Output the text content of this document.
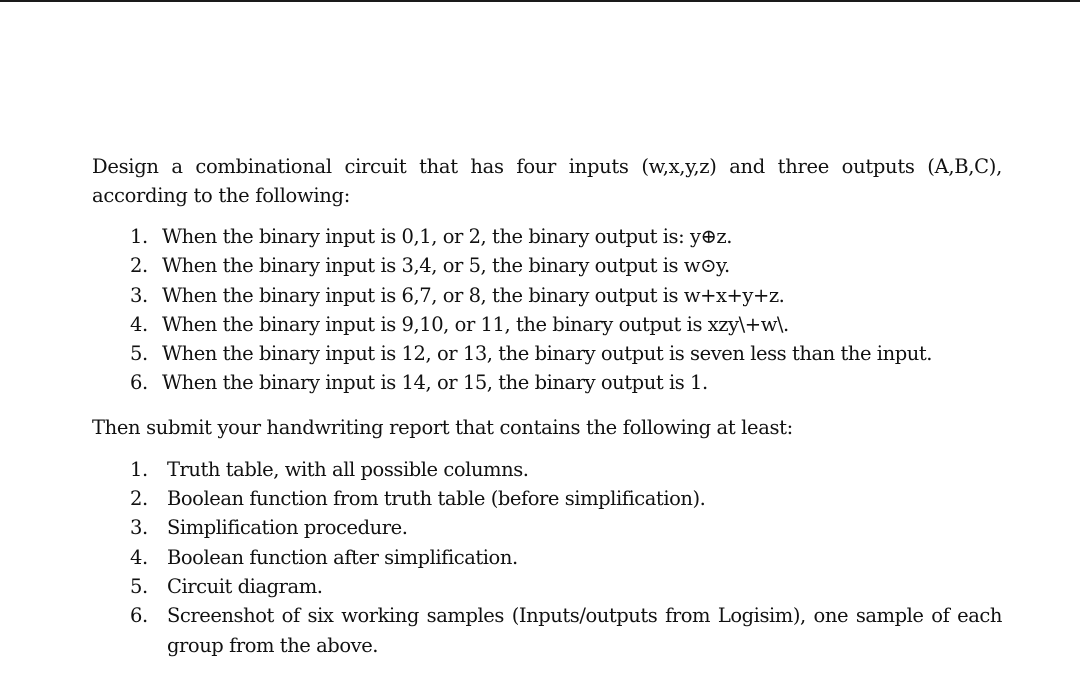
Design a combinational circuit that has four inputs (w,x,y,z) and three outputs (A,B,C), according to the following:

1. When the binary input is 0,1, or 2, the binary output is: y⊕z.
2. When the binary input is 3,4, or 5, the binary output is w⊙y.
3. When the binary input is 6,7, or 8, the binary output is w+x+y+z.
4. When the binary input is 9,10, or 11, the binary output is xzy\+w\.
5. When the binary input is 12, or 13, the binary output is seven less than the input.
6. When the binary input is 14, or 15, the binary output is 1.

Then submit your handwriting report that contains the following at least:

1. Truth table, with all possible columns.
2. Boolean function from truth table (before simplification).
3. Simplification procedure.
4. Boolean function after simplification.
5. Circuit diagram.
6. Screenshot of six working samples (Inputs/outputs from Logisim), one sample of each group from the above.
